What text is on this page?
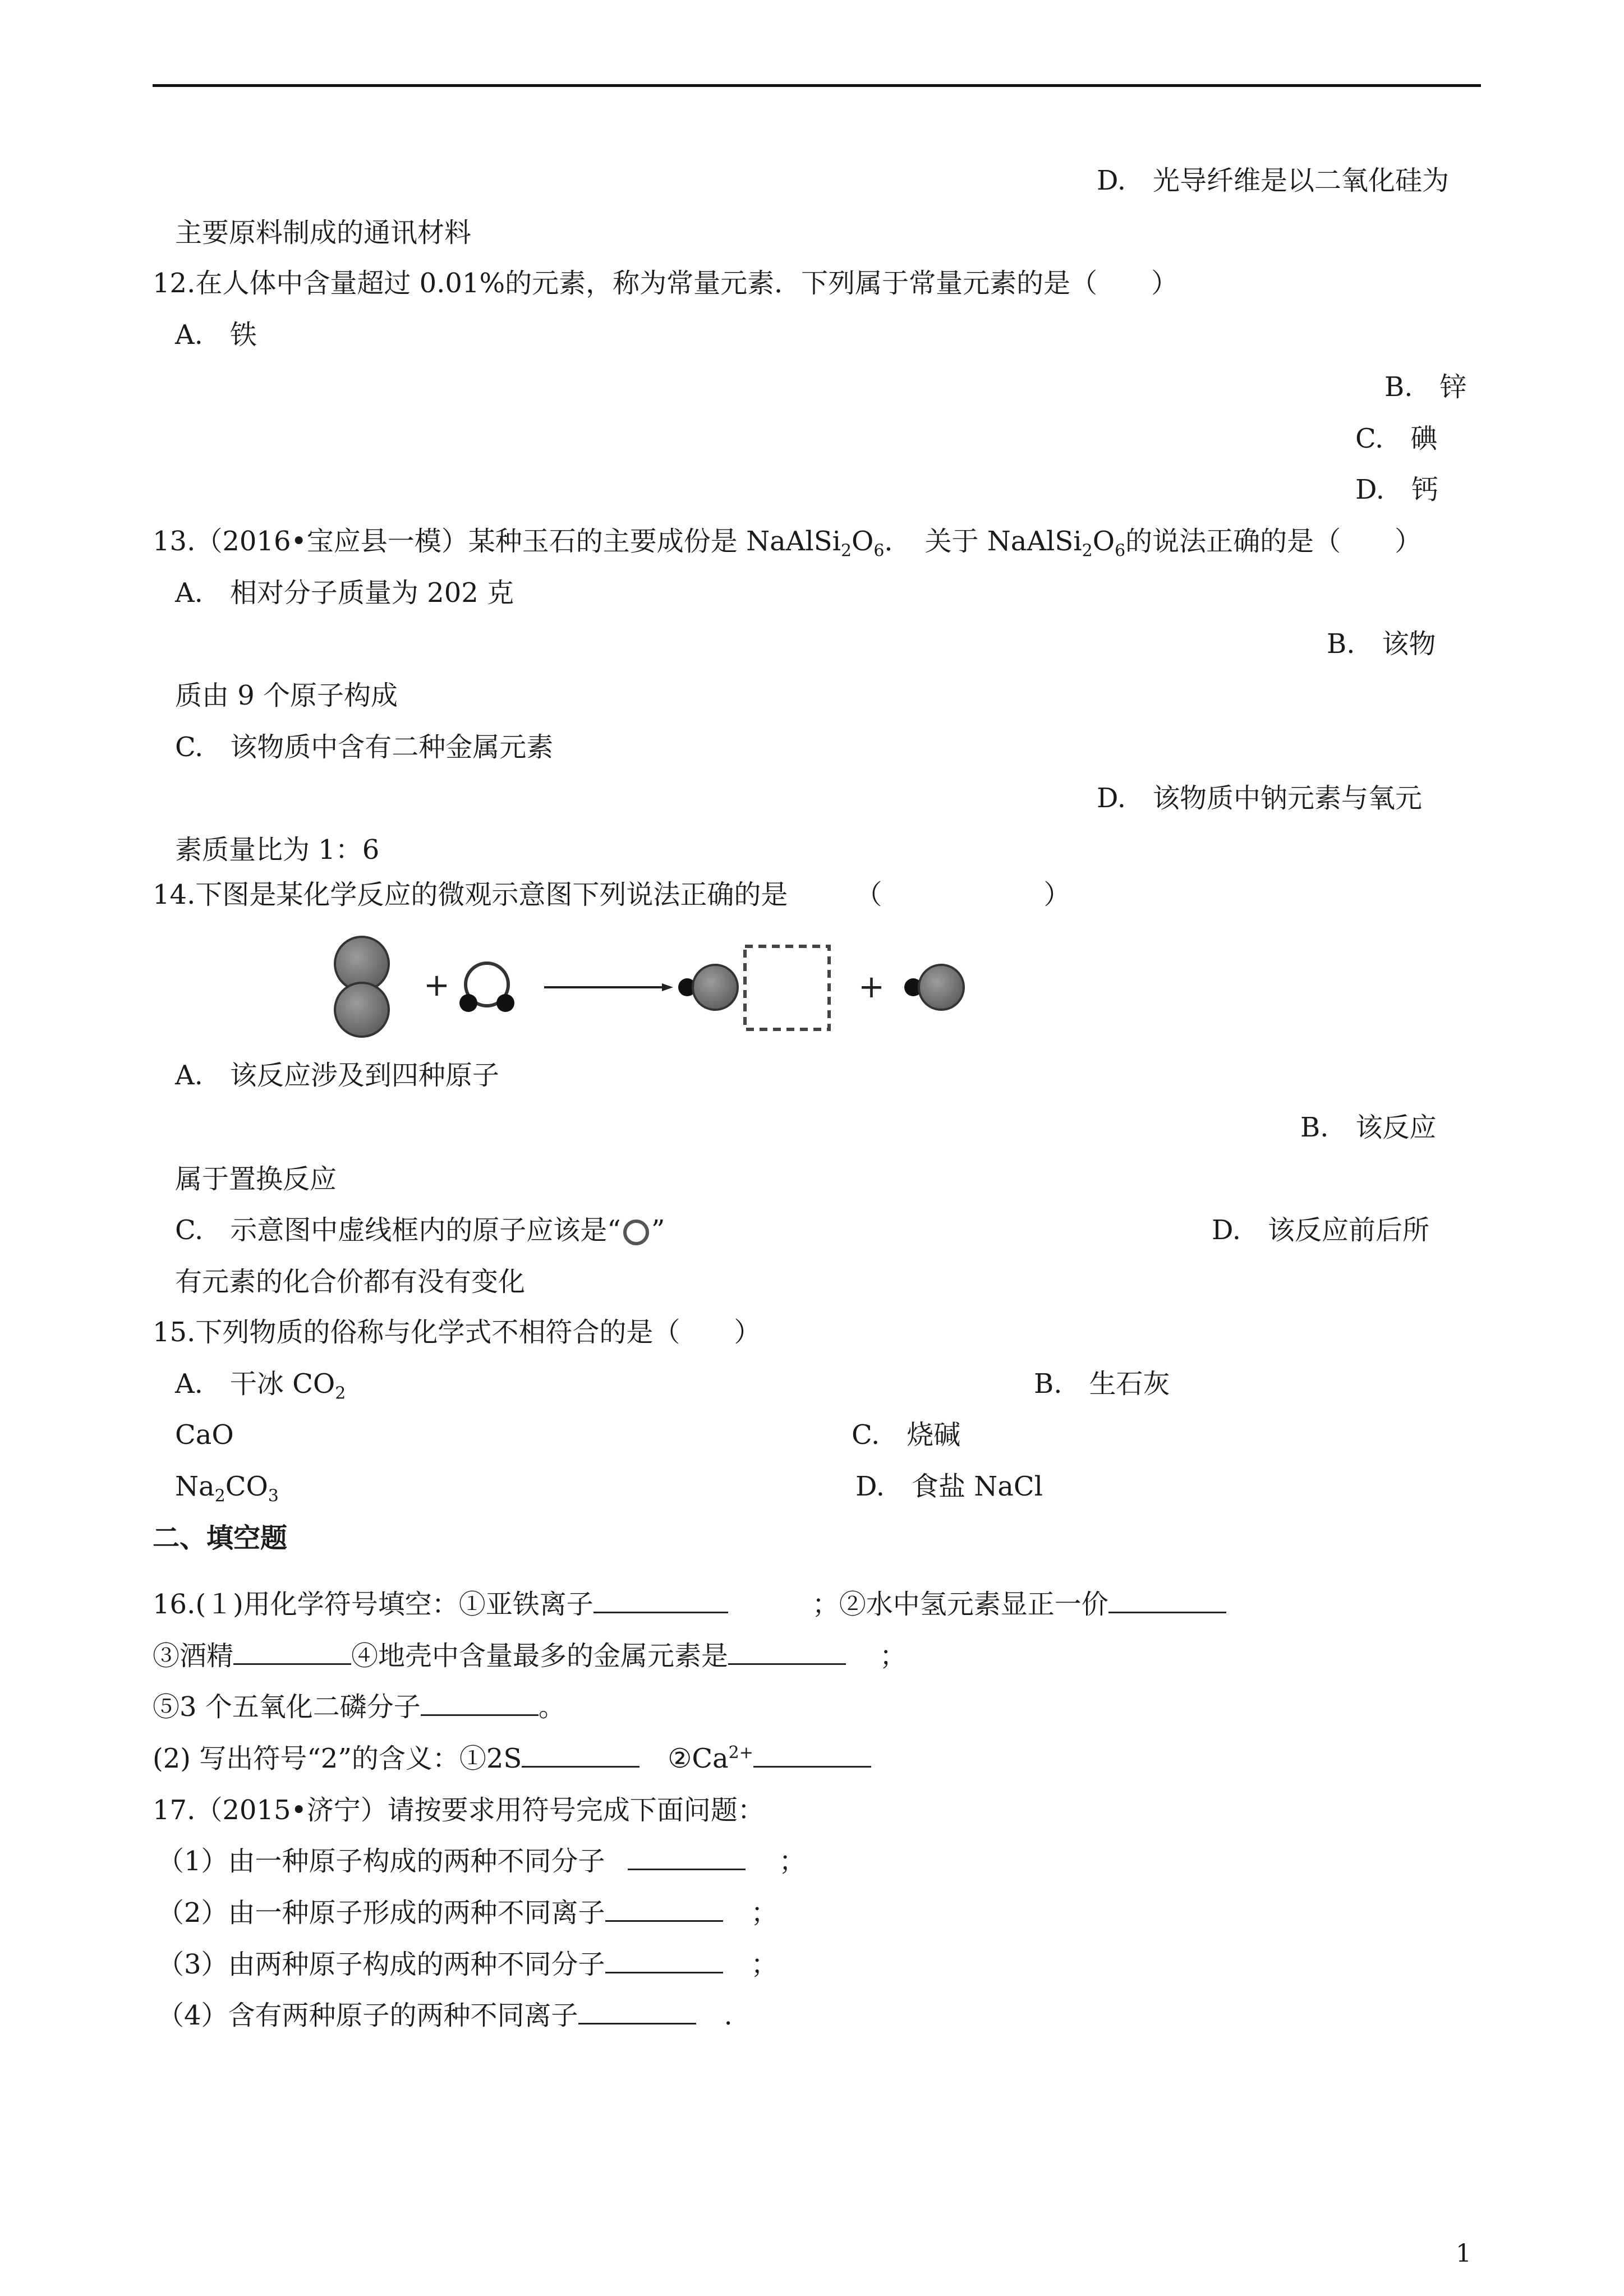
D.　光导纤维是以二氧化硅为
主要原料制成的通讯材料
12.在人体中含量超过 0.01%的元素，称为常量元素．下列属于常量元素的是（　　）
A.　铁
B.　锌
C.　碘
D.　钙
13.（2016•宝应县一模）某种玉石的主要成份是 $NaAlSi_2O_6$．　关于 $NaAlSi_2O_6$的说法正确的是（　　）
A.　相对分子质量为 202 克
B.　该物
质由 9 个原子构成
C.　该物质中含有二种金属元素
D.　该物质中钠元素与氧元
素质量比为 1：6
14.下图是某化学反应的微观示意图下列说法正确的是　　　（　　　　　　）
+	+
A.　该反应涉及到四种原子
B.　该反应
属于置换反应
C.　示意图中虚线框内的原子应该是“ ”	D.　该反应前后所
有元素的化合价都有没有变化
15.下列物质的俗称与化学式不相符合的是（　　）
A.　干冰 $CO_2$	B.　生石灰
CaO	C.　烧碱
$Na_2CO_3$	D.　食盐 NaCl
二、填空题
16.(１)用化学符号填空：①亚铁离子	；②水中氢元素显正一价
③酒精	④地壳中含量最多的金属元素是	；
⑤3 个五氧化二磷分子	。
(2) 写出符号“2”的含义：①2S	$②Ca^{2+}$
17.（2015•济宁）请按要求用符号完成下面问题：
（1）由一种原子构成的两种不同分子	；
（2）由一种原子形成的两种不同离子	；
（3）由两种原子构成的两种不同分子	；
（4）含有两种原子的两种不同离子	.
1
